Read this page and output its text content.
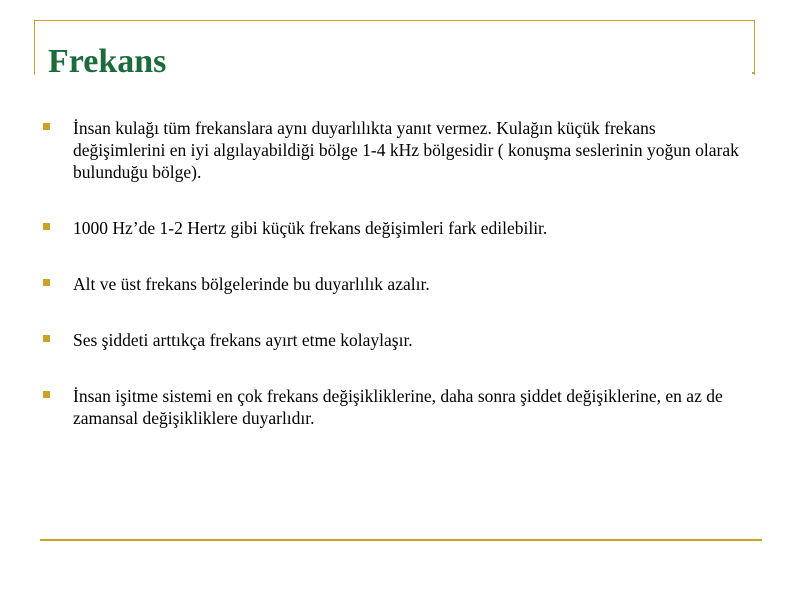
Frekans
İnsan kulağı tüm frekanslara aynı duyarlılıkta yanıt vermez. Kulağın küçük frekans değişimlerini en iyi algılayabildiği bölge 1-4 kHz bölgesidir ( konuşma seslerinin yoğun olarak bulunduğu bölge).
1000 Hz’de 1-2 Hertz gibi küçük frekans değişimleri fark edilebilir.
Alt ve üst frekans bölgelerinde bu duyarlılık azalır.
Ses şiddeti arttıkça frekans ayırt etme kolaylaşır.
İnsan işitme sistemi en çok frekans değişikliklerine, daha sonra şiddet değişiklerine, en az de zamansal değişikliklere duyarlıdır.
